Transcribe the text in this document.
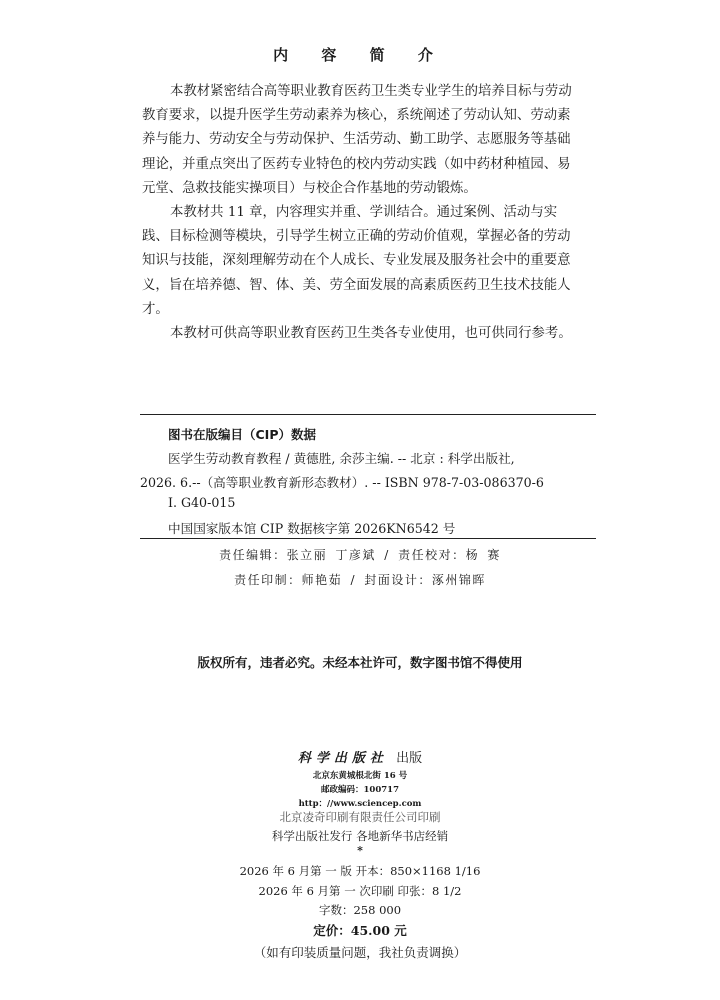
内 容 简 介

本教材紧密结合高等职业教育医药卫生类专业学生的培养目标与劳动教育要求，以提升医学生劳动素养为核心，系统阐述了劳动认知、劳动素养与能力、劳动安全与劳动保护、生活劳动、勤工助学、志愿服务等基础理论，并重点突出了医药专业特色的校内劳动实践（如中药材种植园、易元堂、急救技能实操项目）与校企合作基地的劳动锻炼。

本教材共 11 章，内容理实并重、学训结合。通过案例、活动与实践、目标检测等模块，引导学生树立正确的劳动价值观，掌握必备的劳动知识与技能，深刻理解劳动在个人成长、专业发展及服务社会中的重要意义，旨在培养德、智、体、美、劳全面发展的高素质医药卫生技术技能人才。

本教材可供高等职业教育医药卫生类各专业使用，也可供同行参考。

图书在版编目（CIP）数据
医学生劳动教育教程 / 黄德胜, 余莎主编. -- 北京 : 科学出版社,
2026. 6.--（高等职业教育新形态教材）. -- ISBN 978-7-03-086370-6
Ⅰ. G40-015
中国国家版本馆 CIP 数据核字第 2026KN6542 号
责任编辑：张立丽 丁彦斌 / 责任校对：杨 赛
责任印制：师艳茹 / 封面设计：涿州锦晖
版权所有，违者必究。未经本社许可，数字图书馆不得使用
科学出版社 出版
北京东黄城根北街 16 号
邮政编码：100717
http：//www.sciencep.com
北京凌奇印刷有限责任公司印刷
科学出版社发行 各地新华书店经销
*
2026 年 6 月第 一 版 开本：850×1168 1/16
2026 年 6 月第 一 次印刷 印张：8 1/2
字数：258 000
定价：45.00 元
（如有印装质量问题，我社负责调换）
